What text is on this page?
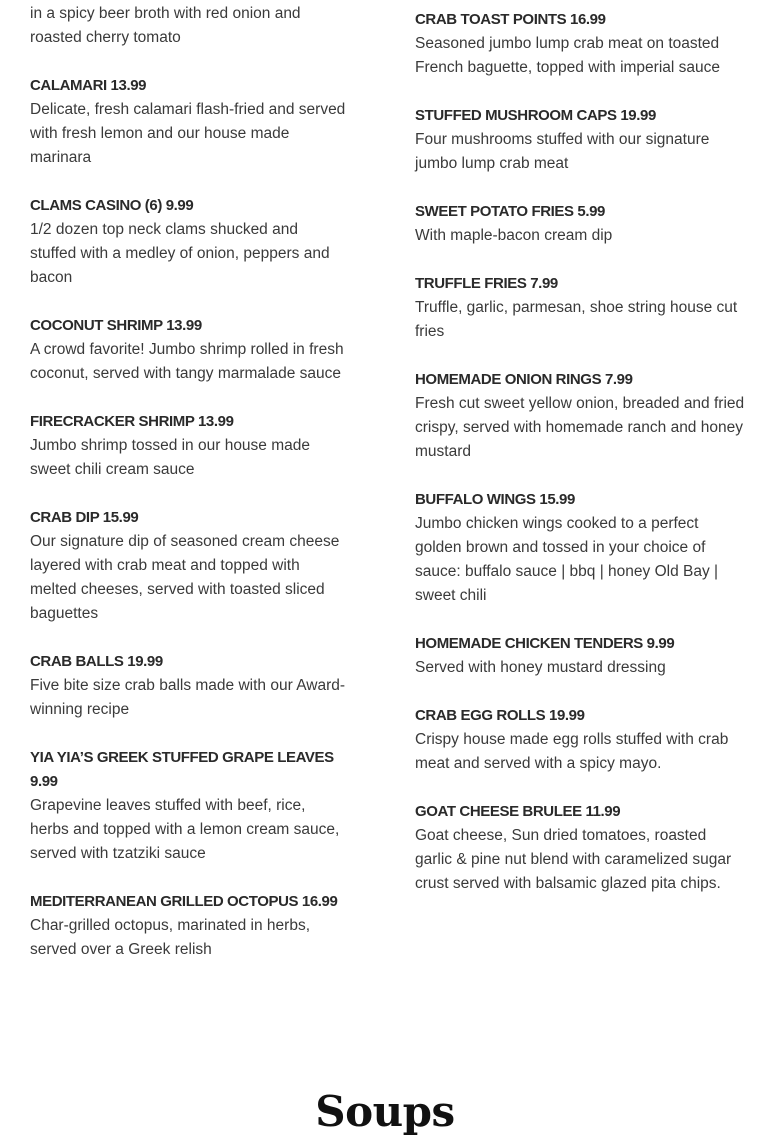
in a spicy beer broth with red onion and roasted cherry tomato
CALAMARI 13.99
Delicate, fresh calamari flash-fried and served with fresh lemon and our house made marinara
CLAMS CASINO (6) 9.99
1/2 dozen top neck clams shucked and stuffed with a medley of onion, peppers and bacon
COCONUT SHRIMP 13.99
A crowd favorite! Jumbo shrimp rolled in fresh coconut, served with tangy marmalade sauce
FIRECRACKER SHRIMP 13.99
Jumbo shrimp tossed in our house made sweet chili cream sauce
CRAB DIP 15.99
Our signature dip of seasoned cream cheese layered with crab meat and topped with melted cheeses, served with toasted sliced baguettes
CRAB BALLS 19.99
Five bite size crab balls made with our Award-winning recipe
YIA YIA’S GREEK STUFFED GRAPE LEAVES 9.99
Grapevine leaves stuffed with beef, rice, herbs and topped with a lemon cream sauce, served with tzatziki sauce
MEDITERRANEAN GRILLED OCTOPUS 16.99
Char-grilled octopus, marinated in herbs, served over a Greek relish
CRAB TOAST POINTS 16.99
Seasoned jumbo lump crab meat on toasted French baguette, topped with imperial sauce
STUFFED MUSHROOM CAPS 19.99
Four mushrooms stuffed with our signature jumbo lump crab meat
SWEET POTATO FRIES 5.99
With maple-bacon cream dip
TRUFFLE FRIES 7.99
Truffle, garlic, parmesan, shoe string house cut fries
HOMEMADE ONION RINGS 7.99
Fresh cut sweet yellow onion, breaded and fried crispy, served with homemade ranch and honey mustard
BUFFALO WINGS 15.99
Jumbo chicken wings cooked to a perfect golden brown and tossed in your choice of sauce: buffalo sauce | bbq | honey Old Bay | sweet chili
HOMEMADE CHICKEN TENDERS 9.99
Served with honey mustard dressing
CRAB EGG ROLLS 19.99
Crispy house made egg rolls stuffed with crab meat and served with a spicy mayo.
GOAT CHEESE BRULEE 11.99
Goat cheese, Sun dried tomatoes, roasted garlic & pine nut blend with caramelized sugar crust served with balsamic glazed pita chips.
Soups
